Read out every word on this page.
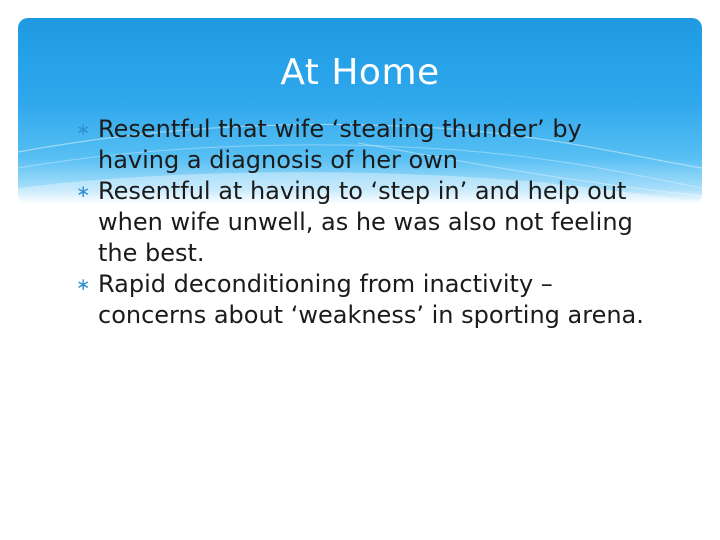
At Home
∗ Resentful that wife ‘stealing thunder’ by having a diagnosis of her own
∗ Resentful at having to ‘step in’ and help out when wife unwell, as he was also not feeling the best.
∗ Rapid deconditioning from inactivity – concerns about ‘weakness’ in sporting arena.
